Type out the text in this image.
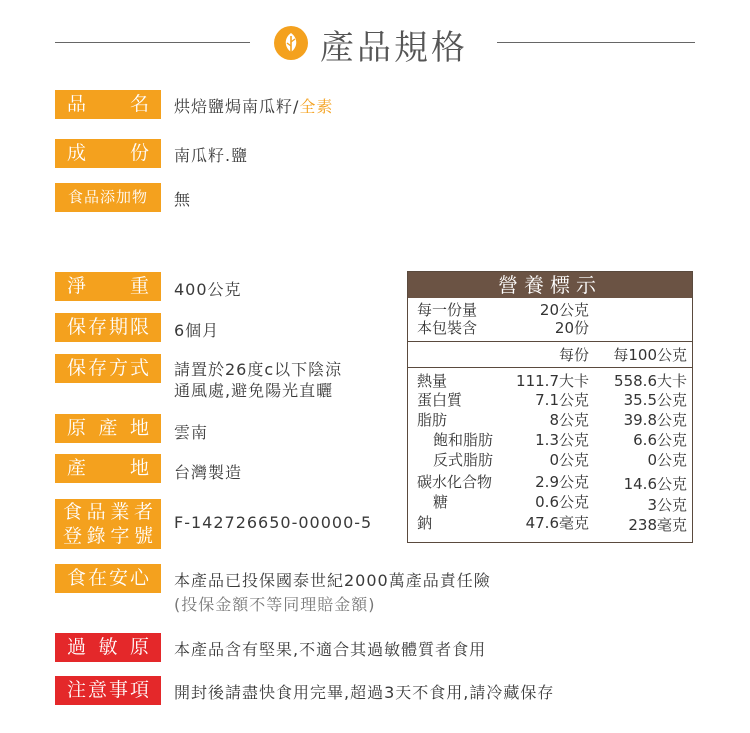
產品規格
品名	烘焙鹽焗南瓜籽/全素
成份	南瓜籽.鹽
食品添加物	無
淨重	400公克
保存期限	6個月
保存方式	請置於26度c以下陰涼
通風處,避免陽光直曬
原產地	雲南
產地	台灣製造
食品業者
登錄字號
F-142726650-00000-5
食在安心	本產品已投保國泰世紀2000萬產品責任險
(投保金額不等同理賠金額)
過敏原	本產品含有堅果,不適合其過敏體質者食用
注意事項	開封後請盡快食用完畢,超過3天不食用,請冷藏保存
營養標示
每一份量	20公克
本包裝含	20份
每份 每100公克
熱量	111.7大卡 558.6大卡
蛋白質	7.1公克 35.5公克
脂肪	8公克 39.8公克
飽和脂肪	1.3公克	6.6公克
反式脂肪	0公克	0公克
碳水化合物	2.9公克 14.6公克
糖	0.6公克	3公克
鈉	47.6毫克	238毫克
